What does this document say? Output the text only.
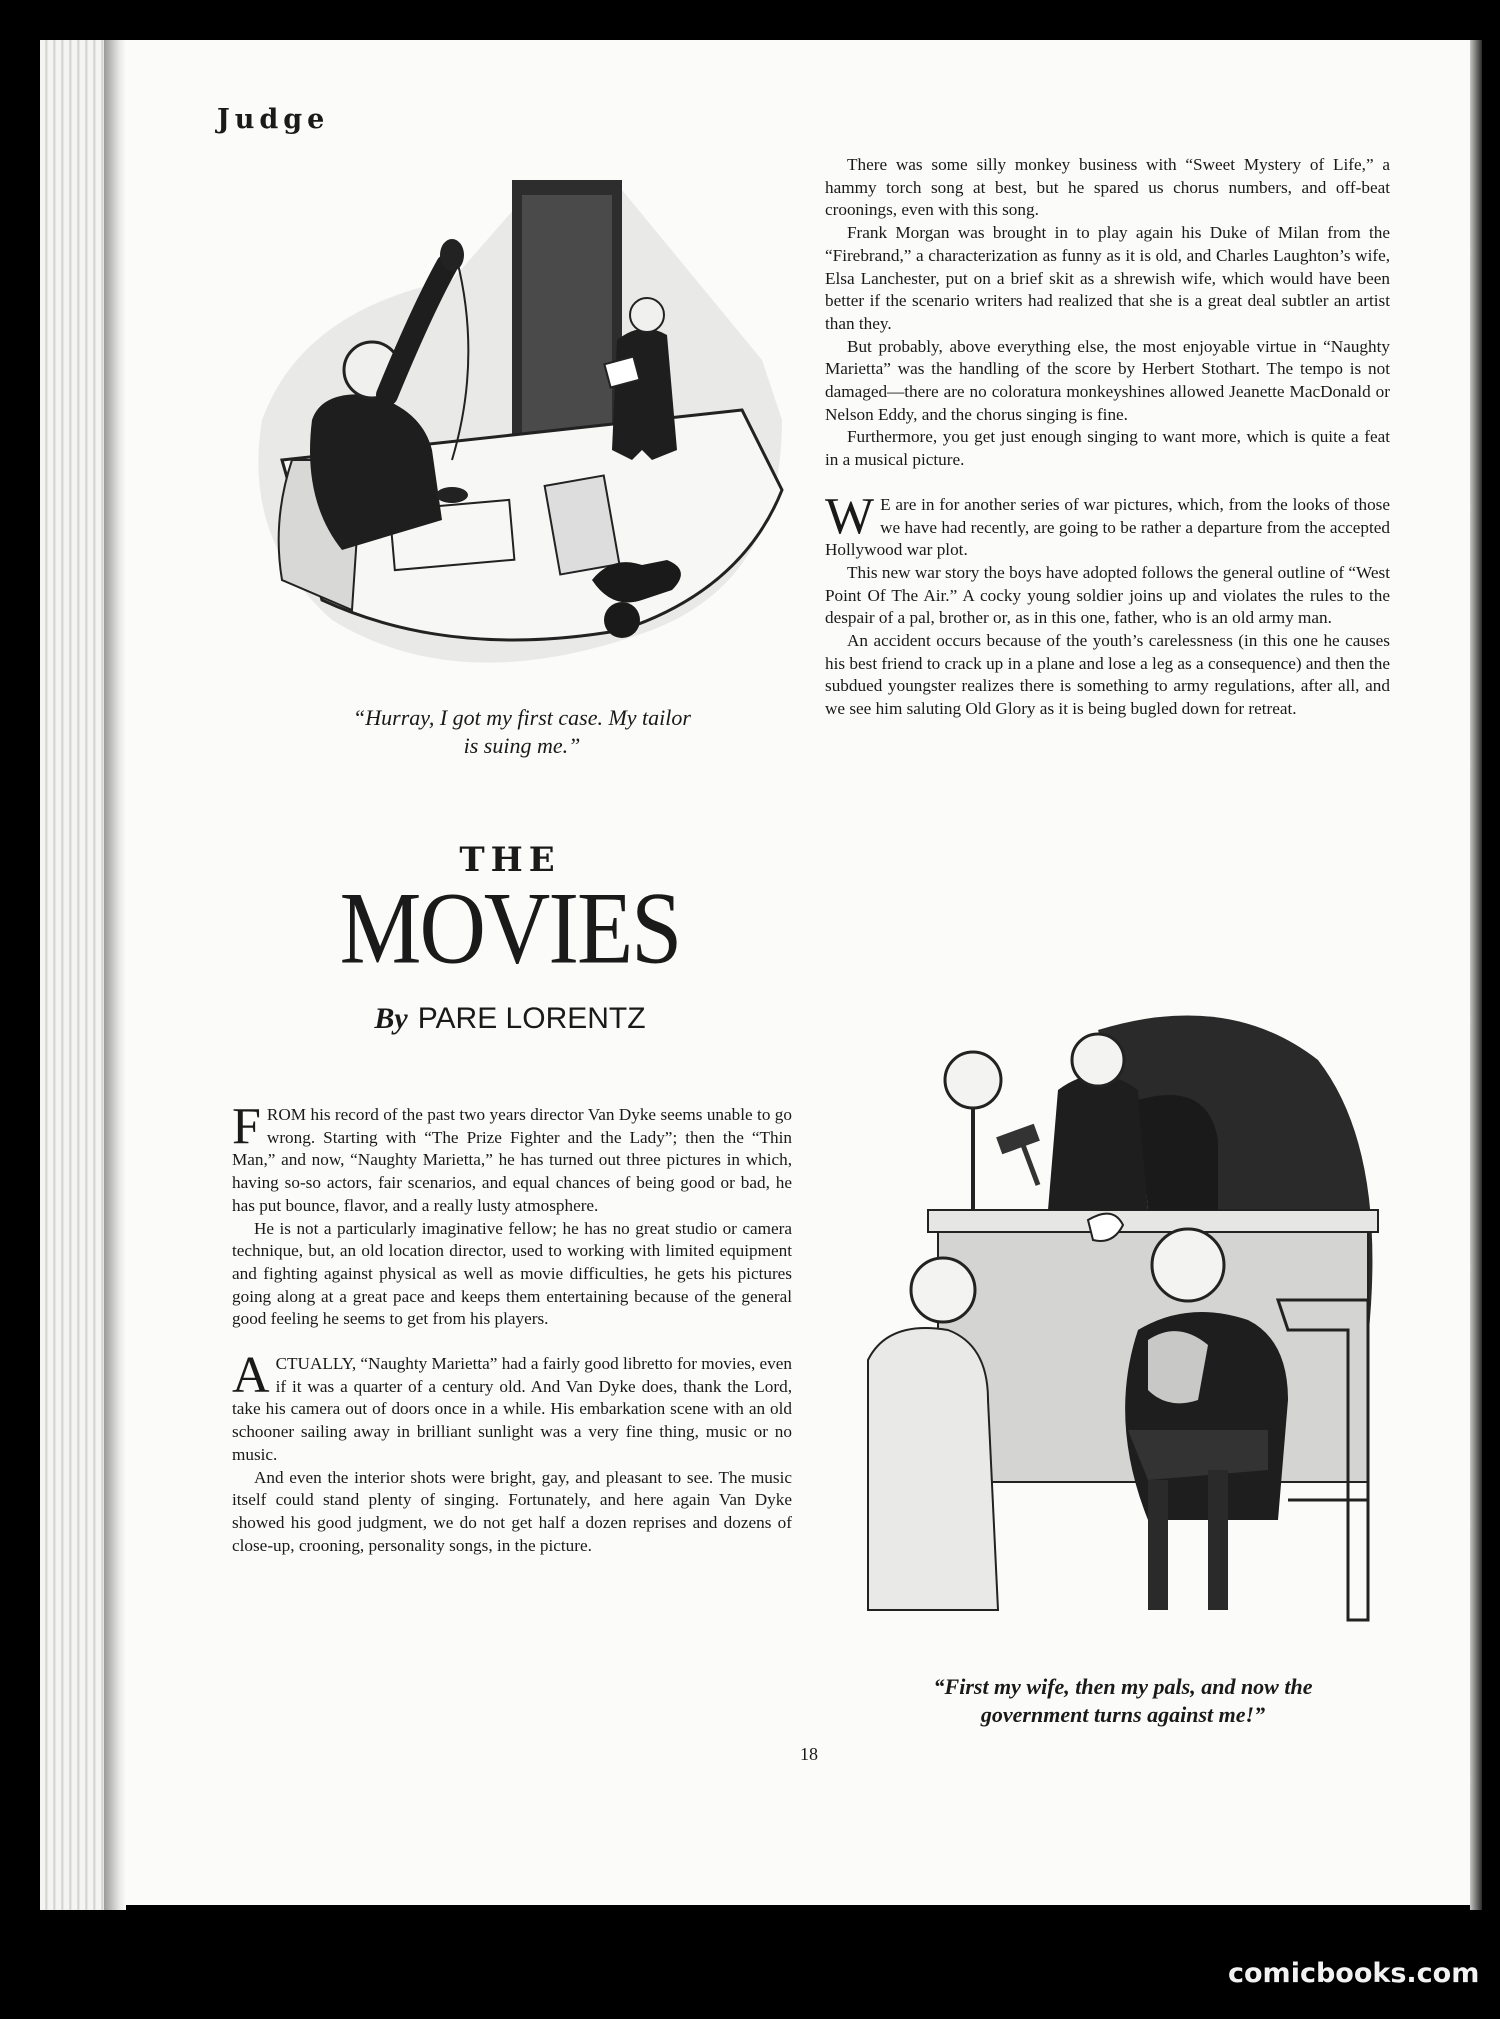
Judge
“Hurray, I got my first case. My tailor
is suing me.”
THE
MOVIES
By PARE LORENTZ

FROM his record of the past two years director Van Dyke seems unable to go wrong. Starting with “The Prize Fighter and the Lady”; then the “Thin Man,” and now, “Naughty Marietta,” he has turned out three pictures in which, having so-so actors, fair scenarios, and equal chances of being good or bad, he has put bounce, flavor, and a really lusty atmosphere.

He is not a particularly imaginative fellow; he has no great studio or camera technique, but, an old location director, used to working with limited equipment and fighting against physical as well as movie difficulties, he gets his pictures going along at a great pace and keeps them entertaining because of the general good feeling he seems to get from his players.

ACTUALLY, “Naughty Marietta” had a fairly good libretto for movies, even if it was a quarter of a century old. And Van Dyke does, thank the Lord, take his camera out of doors once in a while. His embarkation scene with an old schooner sailing away in brilliant sunlight was a very fine thing, music or no music.

And even the interior shots were bright, gay, and pleasant to see. The music itself could stand plenty of singing. Fortunately, and here again Van Dyke showed his good judgment, we do not get half a dozen reprises and dozens of close-up, crooning, personality songs, in the picture.

There was some silly monkey business with “Sweet Mystery of Life,” a hammy torch song at best, but he spared us chorus numbers, and off-beat croonings, even with this song.

Frank Morgan was brought in to play again his Duke of Milan from the “Firebrand,” a characterization as funny as it is old, and Charles Laughton’s wife, Elsa Lanchester, put on a brief skit as a shrewish wife, which would have been better if the scenario writers had realized that she is a great deal subtler an artist than they.

But probably, above everything else, the most enjoyable virtue in “Naughty Marietta” was the handling of the score by Herbert Stothart. The tempo is not damaged—there are no coloratura monkeyshines allowed Jeanette MacDonald or Nelson Eddy, and the chorus singing is fine.

Furthermore, you get just enough singing to want more, which is quite a feat in a musical picture.

W E are in for another series of war pictures, which, from the looks of those we have had recently, are going to be rather a departure from the accepted Hollywood war plot.

This new war story the boys have adopted follows the general outline of “West Point Of The Air.” A cocky young soldier joins up and violates the rules to the despair of a pal, brother or, as in this one, father, who is an old army man.

An accident occurs because of the youth’s carelessness (in this one he causes his best friend to crack up in a plane and lose a leg as a consequence) and then the subdued youngster realizes there is something to army regulations, after all, and we see him saluting Old Glory as it is being bugled down for retreat.

“First my wife, then my pals, and now the
government turns against me!”
18
comicbooks.com
